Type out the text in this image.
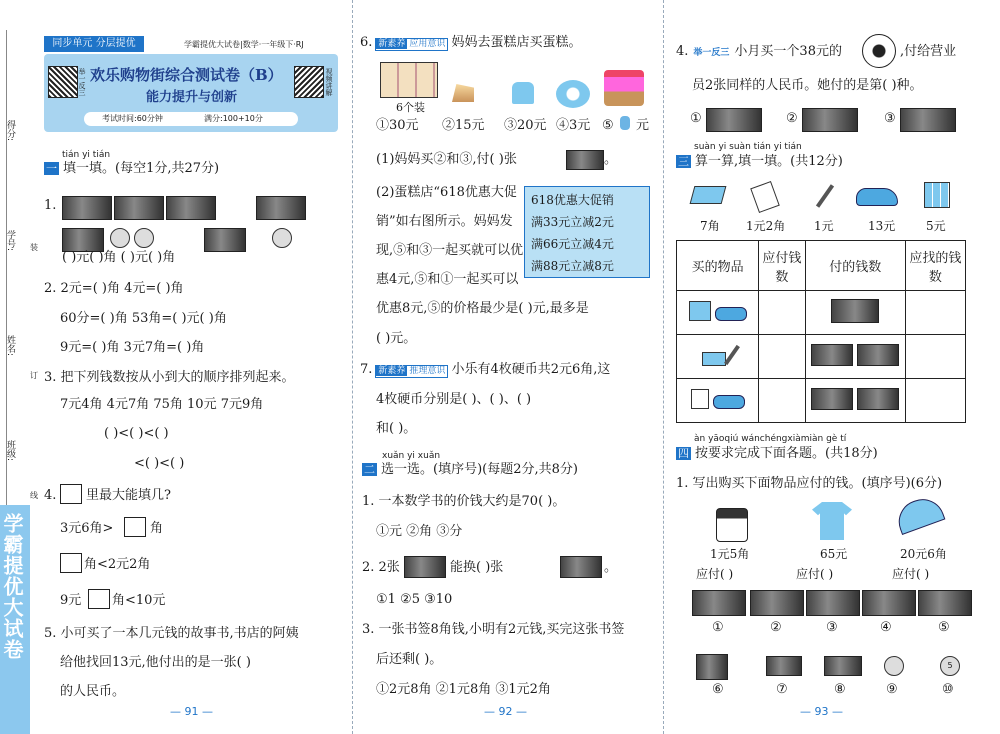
得分:
学号:
姓名:
班级:
装
订
线
学霸提优大试卷
同步单元 分层提优	学霸提优大试卷|数学·一年级下·RJ
举一反三 欢乐购物街综合测试卷（B）
能力提升与创新
视频讲解
考试时间:60分钟	满分:100+10分
tián yi tián
一 填一填。(每空1分,共27分)
1.
( )元( )角 ( )元( )角
2. 2元=( )角 4元=( )角
60分=( )角 53角=( )元( )角
9元=( )角 3元7角=( )角
3. 把下列钱数按从小到大的顺序排列起来。
7元4角 4元7角 75角 10元 7元9角
( )<( )<( )
<( )<( )
4. 里最大能填几?
3元6角>	角
角<2元2角
9元 角<10元
5. 小可买了一本几元钱的故事书,书店的阿姨
给他找回13元,他付出的是一张( )
的人民币。
— 91 —
6. 新素养 应用意识 妈妈去蛋糕店买蛋糕。
6个装
①30元 ②15元 ③20元 ④3元 ⑤ 元
(1)妈妈买②和③,付( )张	。
(2)蛋糕店“618优惠大促
销”如右图所示。妈妈发
现,⑤和③一起买就可以优
惠4元,⑤和①一起买可以
优惠8元,⑤的价格最少是( )元,最多是
( )元。
618优惠大促销
满33元立减2元
满66元立减4元
满88元立减8元
7. 新素养 推理意识 小乐有4枚硬币共2元6角,这
4枚硬币分别是( )、( )、( )
和( )。
xuǎn yi xuǎn
二 选一选。(填序号)(每题2分,共8分)
1. 一本数学书的价钱大约是70( )。
①元 ②角 ③分
2. 2张	能换( )张	。
①1 ②5 ③10
3. 一张书签8角钱,小明有2元钱,买完这张书签
后还剩( )。
①2元8角 ②1元8角 ③1元2角
— 92 —
4. 举一反三 小月买一个38元的	,付给营业
员2张同样的人民币。她付的是第( )种。
①	②	③
suàn yi suàn tián yi tián
三 算一算,填一填。(共12分)
7角 1元2角 1元	13元	5元
买的物品	应付钱数	付的钱数	应找的钱数

àn yāoqiú wánchéngxiàmiàn gè tí
四 按要求完成下面各题。(共18分)
1. 写出购买下面物品应付的钱。(填序号)(6分)
1元5角	65元	20元6角
应付( )	应付( )	应付( )
①	②	③	④	⑤
5
⑥	⑦	⑧	⑨	⑩
— 93 —
